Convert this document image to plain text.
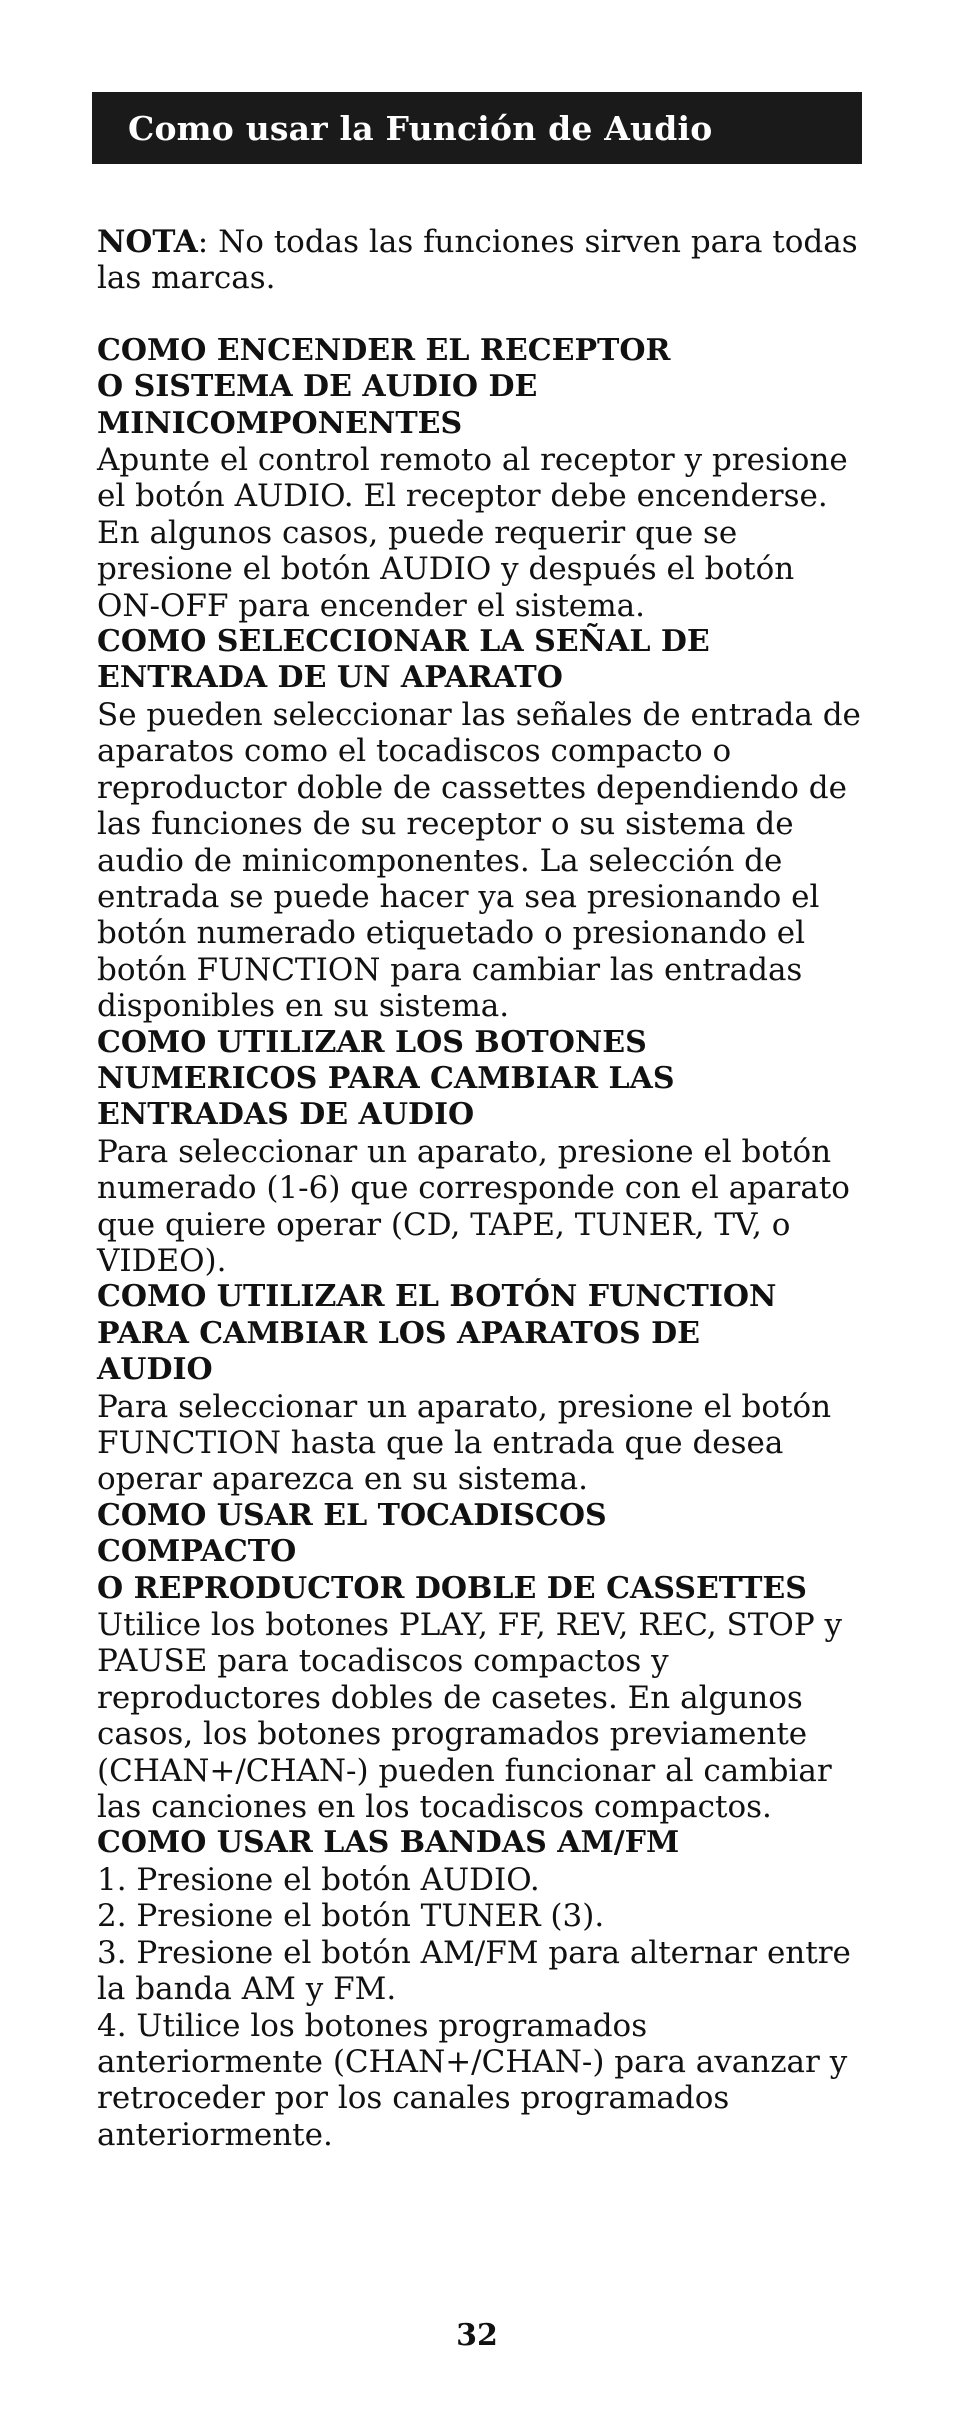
Como usar la Función de Audio

NOTA: No todas las funciones sirven para todas las marcas.

COMO ENCENDER EL RECEPTOR
O SISTEMA DE AUDIO DE
MINICOMPONENTES

Apunte el control remoto al receptor y presione el botón AUDIO. El receptor debe encenderse. En algunos casos, puede requerir que se presione el botón AUDIO y después el botón ON-OFF para encender el sistema.

COMO SELECCIONAR LA SEÑAL DE
ENTRADA DE UN APARATO

Se pueden seleccionar las señales de entrada de aparatos como el tocadiscos compacto o reproductor doble de cassettes dependiendo de las funciones de su receptor o su sistema de audio de minicomponentes. La selección de entrada se puede hacer ya sea presionando el botón numerado etiquetado o presionando el botón FUNCTION para cambiar las entradas disponibles en su sistema.

COMO UTILIZAR LOS BOTONES
NUMERICOS PARA CAMBIAR LAS
ENTRADAS DE AUDIO

Para seleccionar un aparato, presione el botón numerado (1-6) que corresponde con el aparato que quiere operar (CD, TAPE, TUNER, TV, o VIDEO).

COMO UTILIZAR EL BOTÓN FUNCTION
PARA CAMBIAR LOS APARATOS DE
AUDIO

Para seleccionar un aparato, presione el botón FUNCTION hasta que la entrada que desea operar aparezca en su sistema.

COMO USAR EL TOCADISCOS
COMPACTO
O REPRODUCTOR DOBLE DE CASSETTES

Utilice los botones PLAY, FF, REV, REC, STOP y PAUSE para tocadiscos compactos y reproductores dobles de casetes. En algunos casos, los botones programados previamente (CHAN+/CHAN-) pueden funcionar al cambiar las canciones en los tocadiscos compactos.

COMO USAR LAS BANDAS AM/FM

1. Presione el botón AUDIO.

2. Presione el botón TUNER (3).

3. Presione el botón AM/FM para alternar entre la banda AM y FM.

4. Utilice los botones programados anteriormente (CHAN+/CHAN-) para avanzar y retroceder por los canales programados anteriormente.

32
